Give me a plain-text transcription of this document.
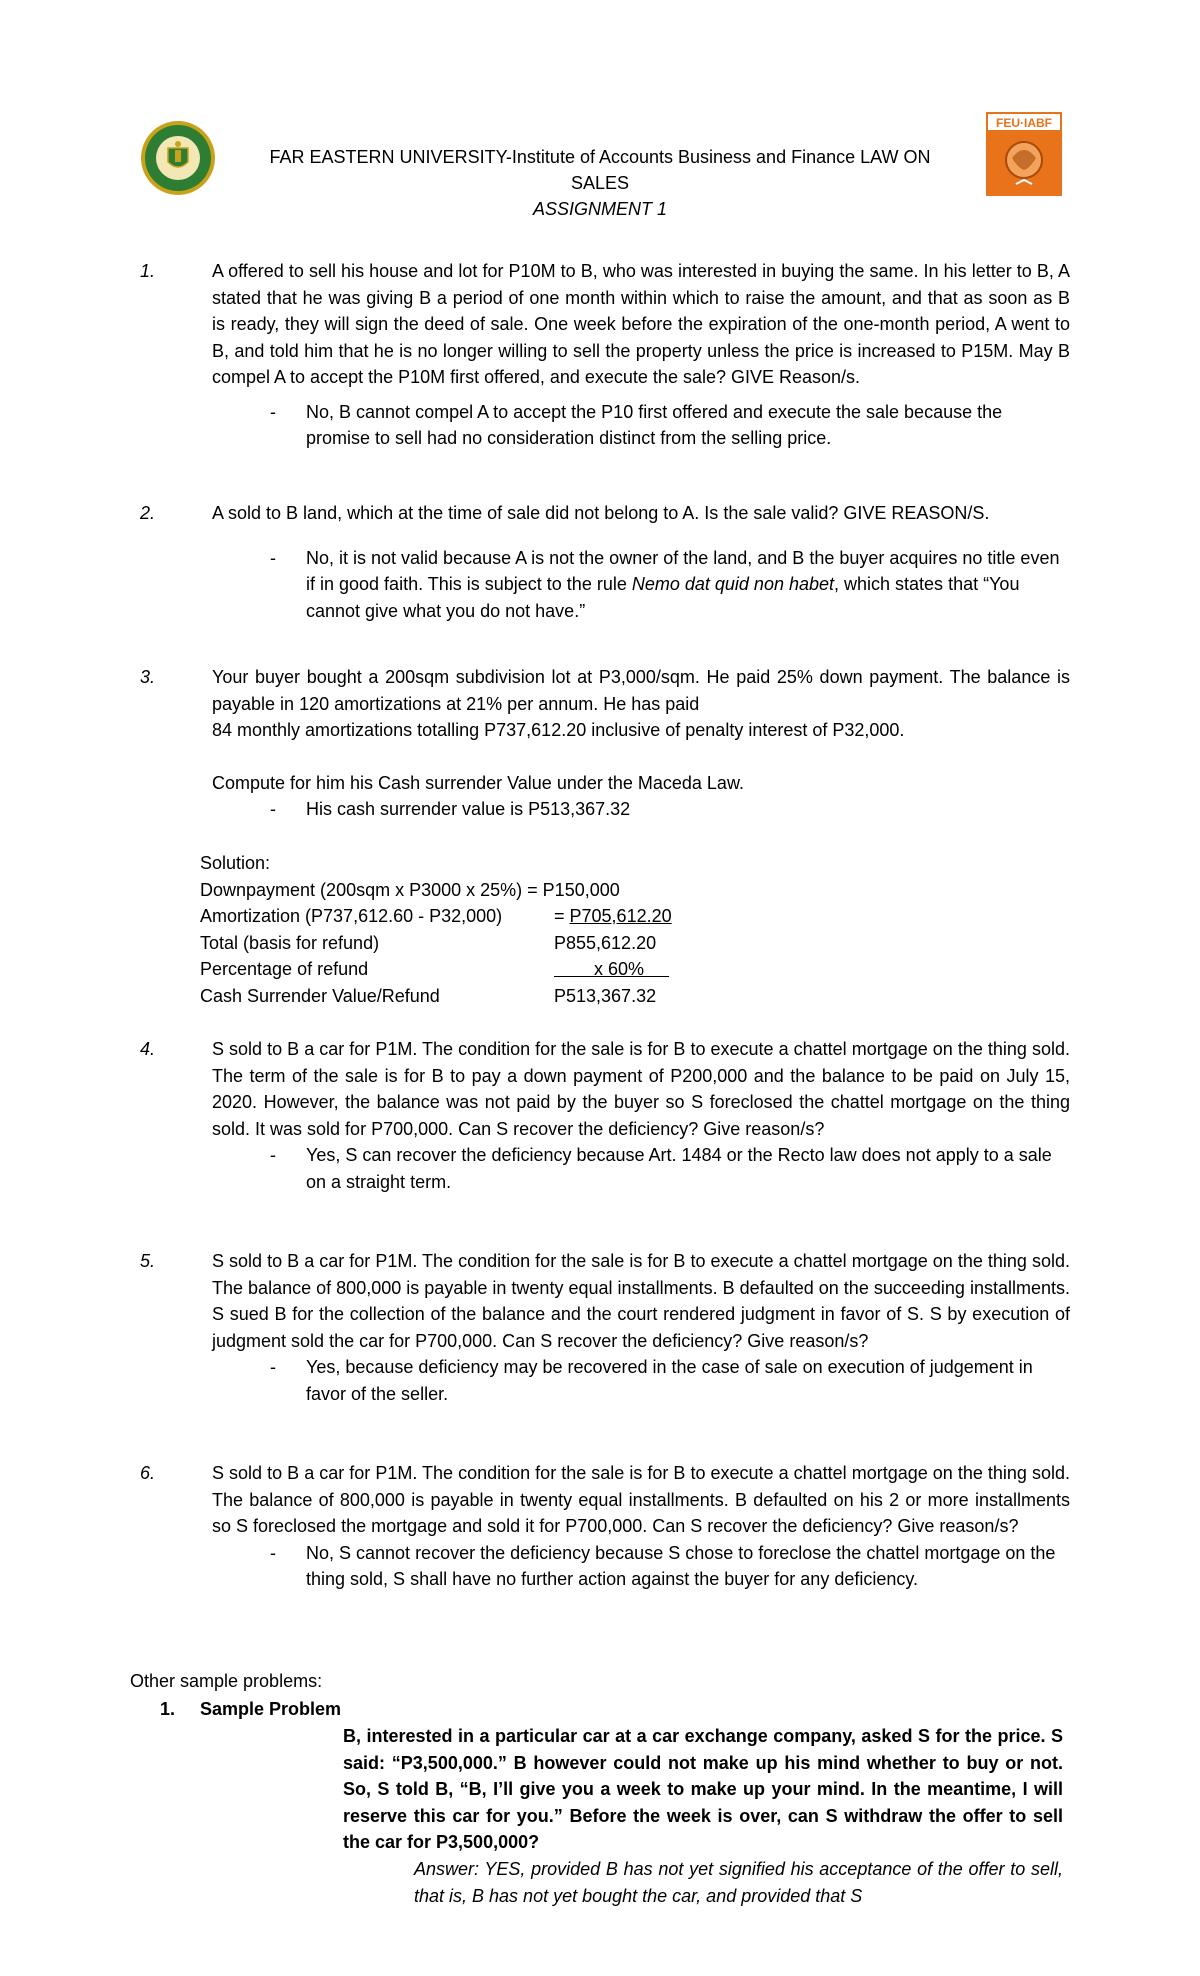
FEU·IABF

FAR EASTERN UNIVERSITY-Institute of Accounts Business and Finance LAW ON

SALES

ASSIGNMENT 1

1.	A offered to sell his house and lot for P10M to B, who was interested in buying the same. In his letter to B, A stated that he was giving B a period of one month within which to raise the amount, and that as soon as B is ready, they will sign the deed of sale. One week before the expiration of the one-month period, A went to B, and told him that he is no longer willing to sell the property unless the price is increased to P15M. May B compel A to accept the P10M first offered, and execute the sale? GIVE Reason/s.
-	No, B cannot compel A to accept the P10 first offered and execute the sale because the promise to sell had no consideration distinct from the selling price.
2.	A sold to B land, which at the time of sale did not belong to A. Is the sale valid? GIVE REASON/S.
-	No, it is not valid because A is not the owner of the land, and B the buyer acquires no title even if in good faith. This is subject to the rule Nemo dat quid non habet, which states that “You cannot give what you do not have.”
3.	Your buyer bought a 200sqm subdivision lot at P3,000/sqm. He paid 25% down payment. The balance is payable in 120 amortizations at 21% per annum. He has paid
84 monthly amortizations totalling P737,612.20 inclusive of penalty interest of P32,000.

Compute for him his Cash surrender Value under the Maceda Law.
-	His cash surrender value is P513,367.32
Solution:
Downpayment (200sqm x P3000 x 25%) = P150,000
Amortization (P737,612.60 - P32,000)	= P705,612.20
Total (basis for refund)	P855,612.20
Percentage of refund	x 60%
Cash Surrender Value/Refund	P513,367.32
4.	S sold to B a car for P1M. The condition for the sale is for B to execute a chattel mortgage on the thing sold. The term of the sale is for B to pay a down payment of P200,000 and the balance to be paid on July 15, 2020. However, the balance was not paid by the buyer so S foreclosed the chattel mortgage on the thing sold. It was sold for P700,000. Can S recover the deficiency? Give reason/s?
-	Yes, S can recover the deficiency because Art. 1484 or the Recto law does not apply to a sale on a straight term.
5.	S sold to B a car for P1M. The condition for the sale is for B to execute a chattel mortgage on the thing sold. The balance of 800,000 is payable in twenty equal installments. B defaulted on the succeeding installments. S sued B for the collection of the balance and the court rendered judgment in favor of S. S by execution of judgment sold the car for P700,000. Can S recover the deficiency? Give reason/s?
-	Yes, because deficiency may be recovered in the case of sale on execution of judgement in favor of the seller.
6.	S sold to B a car for P1M. The condition for the sale is for B to execute a chattel mortgage on the thing sold. The balance of 800,000 is payable in twenty equal installments. B defaulted on his 2 or more installments so S foreclosed the mortgage and sold it for P700,000. Can S recover the deficiency? Give reason/s?
-	No, S cannot recover the deficiency because S chose to foreclose the chattel mortgage on the thing sold, S shall have no further action against the buyer for any deficiency.
Other sample problems:
1.	Sample Problem
B, interested in a particular car at a car exchange company, asked S for the price. S said: “P3,500,000.” B however could not make up his mind whether to buy or not. So, S told B, “B, I’ll give you a week to make up your mind. In the meantime, I will reserve this car for you.” Before the week is over, can S withdraw the offer to sell the car for P3,500,000?
Answer: YES, provided B has not yet signified his acceptance of the offer to sell, that is, B has not yet bought the car, and provided that S
